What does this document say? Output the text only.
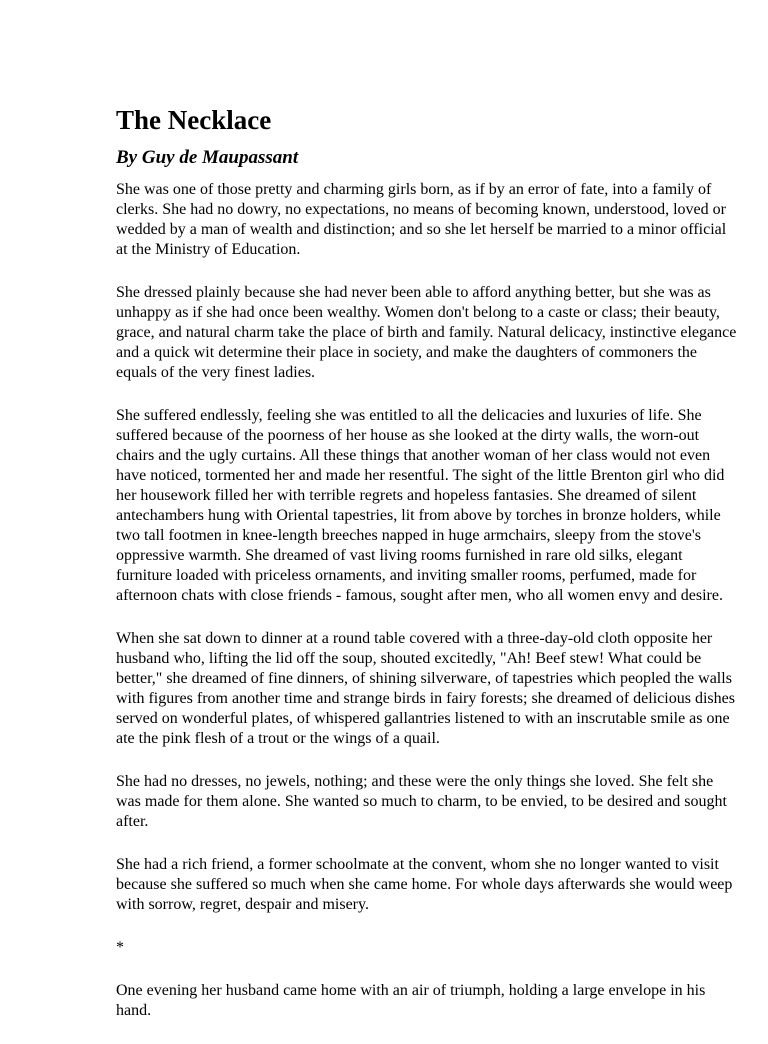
The Necklace
By Guy de Maupassant

She was one of those pretty and charming girls born, as if by an error of fate, into a family of
clerks. She had no dowry, no expectations, no means of becoming known, understood, loved or
wedded by a man of wealth and distinction; and so she let herself be married to a minor official
at the Ministry of Education.

She dressed plainly because she had never been able to afford anything better, but she was as
unhappy as if she had once been wealthy. Women don't belong to a caste or class; their beauty,
grace, and natural charm take the place of birth and family. Natural delicacy, instinctive elegance
and a quick wit determine their place in society, and make the daughters of commoners the
equals of the very finest ladies.

She suffered endlessly, feeling she was entitled to all the delicacies and luxuries of life. She
suffered because of the poorness of her house as she looked at the dirty walls, the worn-out
chairs and the ugly curtains. All these things that another woman of her class would not even
have noticed, tormented her and made her resentful. The sight of the little Brenton girl who did
her housework filled her with terrible regrets and hopeless fantasies. She dreamed of silent
antechambers hung with Oriental tapestries, lit from above by torches in bronze holders, while
two tall footmen in knee-length breeches napped in huge armchairs, sleepy from the stove's
oppressive warmth. She dreamed of vast living rooms furnished in rare old silks, elegant
furniture loaded with priceless ornaments, and inviting smaller rooms, perfumed, made for
afternoon chats with close friends - famous, sought after men, who all women envy and desire.

When she sat down to dinner at a round table covered with a three-day-old cloth opposite her
husband who, lifting the lid off the soup, shouted excitedly, "Ah! Beef stew! What could be
better," she dreamed of fine dinners, of shining silverware, of tapestries which peopled the walls
with figures from another time and strange birds in fairy forests; she dreamed of delicious dishes
served on wonderful plates, of whispered gallantries listened to with an inscrutable smile as one
ate the pink flesh of a trout or the wings of a quail.

She had no dresses, no jewels, nothing; and these were the only things she loved. She felt she
was made for them alone. She wanted so much to charm, to be envied, to be desired and sought
after.

She had a rich friend, a former schoolmate at the convent, whom she no longer wanted to visit
because she suffered so much when she came home. For whole days afterwards she would weep
with sorrow, regret, despair and misery.

*

One evening her husband came home with an air of triumph, holding a large envelope in his
hand.
